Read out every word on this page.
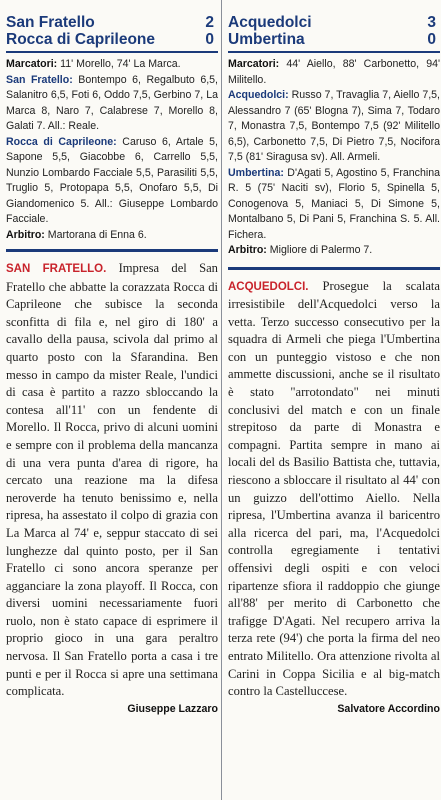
San Fratello	2
Rocca di Caprileone	0

Marcatori: 11' Morello, 74' La Marca.

San Fratello: Bontempo 6, Regalbuto 6,5, Salanitro 6,5, Foti 6, Oddo 7,5, Gerbino 7, La Marca 8, Naro 7, Calabrese 7, Morello 8, Galati 7. All.: Reale.

Rocca di Caprileone: Caruso 6, Artale 5, Sapone 5,5, Giacobbe 6, Carrello 5,5, Nunzio Lombardo Facciale 5,5, Parasiliti 5,5, Truglio 5, Protopapa 5,5, Onofaro 5,5, Di Giandomenico 5. All.: Giuseppe Lombardo Facciale.

Arbitro: Martorana di Enna 6.

SAN FRATELLO. Impresa del San Fratello che abbatte la corazzata Rocca di Caprileone che subisce la seconda sconfitta di fila e, nel giro di 180' a cavallo della pausa, scivola dal primo al quarto posto con la Sfarandina. Ben messo in campo da mister Reale, l'undici di casa è partito a razzo sbloccando la contesa all'11' con un fendente di Morello. Il Rocca, privo di alcuni uomini e sempre con il problema della mancanza di una vera punta d'area di rigore, ha cercato una reazione ma la difesa neroverde ha tenuto benissimo e, nella ripresa, ha assestato il colpo di grazia con La Marca al 74' e, seppur staccato di sei lunghezze dal quinto posto, per il San Fratello ci sono ancora speranze per agganciare la zona playoff. Il Rocca, con diversi uomini necessariamente fuori ruolo, non è stato capace di esprimere il proprio gioco in una gara peraltro nervosa. Il San Fratello porta a casa i tre punti e per il Rocca si apre una settimana complicata.
Giuseppe Lazzaro
Acquedolci	3
Umbertina	0

Marcatori: 44' Aiello, 88' Carbonetto, 94' Militello.

Acquedolci: Russo 7, Travaglia 7, Aiello 7,5, Alessandro 7 (65' Blogna 7), Sima 7, Todaro 7, Monastra 7,5, Bontempo 7,5 (92' Militello 6,5), Carbonetto 7,5, Di Pietro 7,5, Nocifora 7,5 (81' Siragusa sv). All. Armeli.

Umbertina: D'Agati 5, Agostino 5, Franchina R. 5 (75' Naciti sv), Florio 5, Spinella 5, Conogenova 5, Maniaci 5, Di Simone 5, Montalbano 5, Di Pani 5, Franchina S. 5. All. Fichera.

Arbitro: Migliore di Palermo 7.

ACQUEDOLCI. Prosegue la scalata irresistibile dell'Acquedolci verso la vetta. Terzo successo consecutivo per la squadra di Armeli che piega l'Umbertina con un punteggio vistoso e che non ammette discussioni, anche se il risultato è stato "arrotondato" nei minuti conclusivi del match e con un finale strepitoso da parte di Monastra e compagni. Partita sempre in mano ai locali del ds Basilio Battista che, tuttavia, riescono a sbloccare il risultato al 44' con un guizzo dell'ottimo Aiello. Nella ripresa, l'Umbertina avanza il baricentro alla ricerca del pari, ma, l'Acquedolci controlla egregiamente i tentativi offensivi degli ospiti e con veloci ripartenze sfiora il raddoppio che giunge all'88' per merito di Carbonetto che trafigge D'Agati. Nel recupero arriva la terza rete (94') che porta la firma del neo entrato Militello. Ora attenzione rivolta al Carini in Coppa Sicilia e al big-match contro la Castelluccese.
Salvatore Accordino
